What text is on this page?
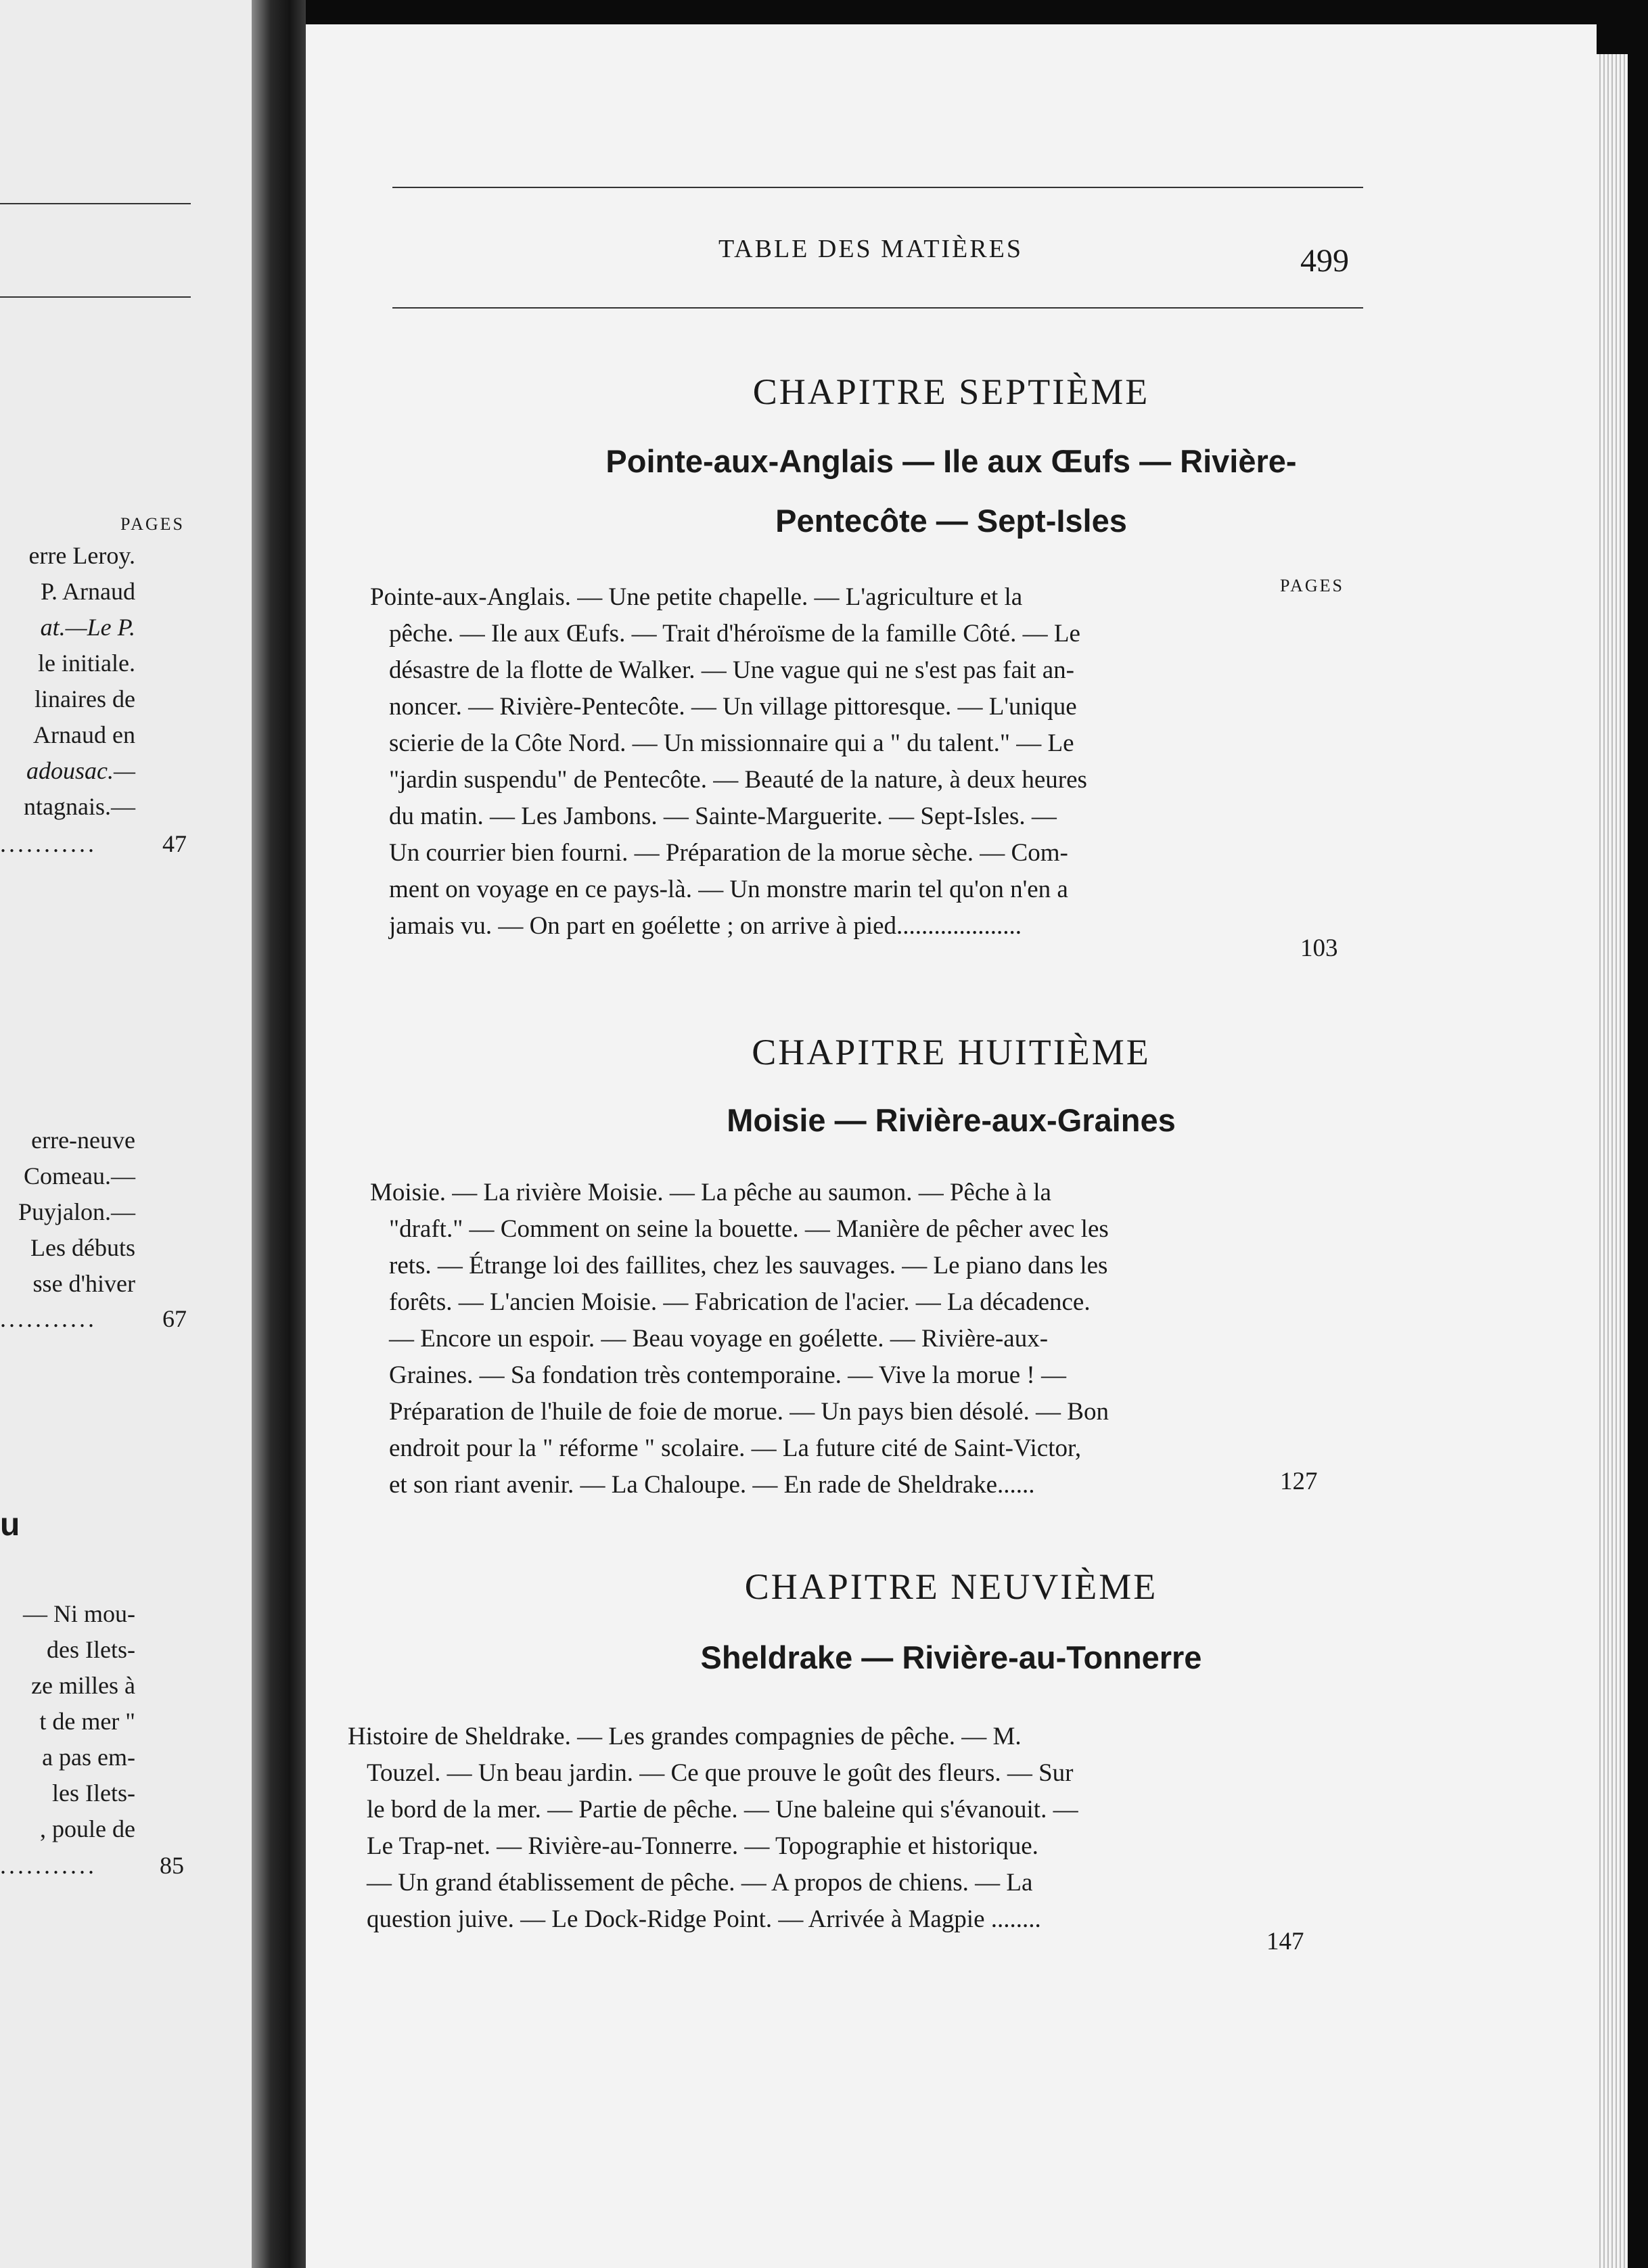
PAGES
erre Leroy.
P. Arnaud
at.—Le P.
le initiale.
linaires de
Arnaud en
adousac.—
ntagnais.—
...........	47
erre-neuve
Comeau.—
Puyjalon.—
Les débuts
sse d'hiver
...........	67
u
— Ni mou-
des Ilets-
ze milles à
t de mer "
a pas em-
les Ilets-
, poule de
...........	85
TABLE DES MATIÈRES	499
CHAPITRE SEPTIÈME
Pointe-aux-Anglais — Ile aux Œufs — Rivière-
Pentecôte — Sept-Isles
PAGES
Pointe-aux-Anglais. — Une petite chapelle. — L'agriculture et la
pêche. — Ile aux Œufs. — Trait d'héroïsme de la famille Côté. — Le
désastre de la flotte de Walker. — Une vague qui ne s'est pas fait an-
noncer. — Rivière-Pentecôte. — Un village pittoresque. — L'unique
scierie de la Côte Nord. — Un missionnaire qui a " du talent." — Le
"jardin suspendu" de Pentecôte. — Beauté de la nature, à deux heures
du matin. — Les Jambons. — Sainte-Marguerite. — Sept-Isles. —
Un courrier bien fourni. — Préparation de la morue sèche. — Com-
ment on voyage en ce pays-là. — Un monstre marin tel qu'on n'en a
jamais vu. — On part en goélette ; on arrive à pied....................
103
CHAPITRE HUITIÈME
Moisie — Rivière-aux-Graines
Moisie. — La rivière Moisie. — La pêche au saumon. — Pêche à la
"draft." — Comment on seine la bouette. — Manière de pêcher avec les
rets. — Étrange loi des faillites, chez les sauvages. — Le piano dans les
forêts. — L'ancien Moisie. — Fabrication de l'acier. — La décadence.
— Encore un espoir. — Beau voyage en goélette. — Rivière-aux-
Graines. — Sa fondation très contemporaine. — Vive la morue ! —
Préparation de l'huile de foie de morue. — Un pays bien désolé. — Bon
endroit pour la " réforme " scolaire. — La future cité de Saint-Victor,
et son riant avenir. — La Chaloupe. — En rade de Sheldrake......	127
CHAPITRE NEUVIÈME
Sheldrake — Rivière-au-Tonnerre
Histoire de Sheldrake. — Les grandes compagnies de pêche. — M.
Touzel. — Un beau jardin. — Ce que prouve le goût des fleurs. — Sur
le bord de la mer. — Partie de pêche. — Une baleine qui s'évanouit. —
Le Trap-net. — Rivière-au-Tonnerre. — Topographie et historique.
— Un grand établissement de pêche. — A propos de chiens. — La
question juive. — Le Dock-Ridge Point. — Arrivée à Magpie ........
147
